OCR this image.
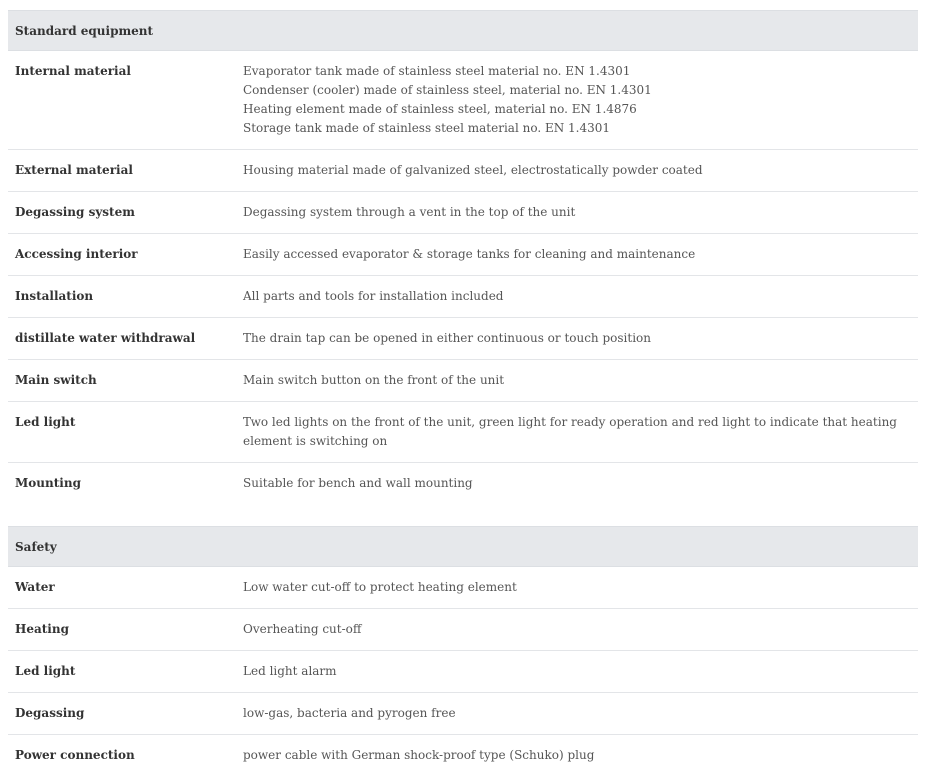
Standard equipment
Internal material	Evaporator tank made of stainless steel material no. EN 1.4301
Condenser (cooler) made of stainless steel, material no. EN 1.4301
Heating element made of stainless steel, material no. EN 1.4876
Storage tank made of stainless steel material no. EN 1.4301
External material	Housing material made of galvanized steel, electrostatically powder coated
Degassing system	Degassing system through a vent in the top of the unit
Accessing interior	Easily accessed evaporator & storage tanks for cleaning and maintenance
Installation	All parts and tools for installation included
distillate water withdrawal	The drain tap can be opened in either continuous or touch position
Main switch	Main switch button on the front of the unit
Led light	Two led lights on the front of the unit, green light for ready operation and red light to indicate that heating element is switching on
Mounting	Suitable for bench and wall mounting
Safety
Water	Low water cut-off to protect heating element
Heating	Overheating cut-off
Led light	Led light alarm
Degassing	low-gas, bacteria and pyrogen free
Power connection	power cable with German shock-proof type (Schuko) plug
